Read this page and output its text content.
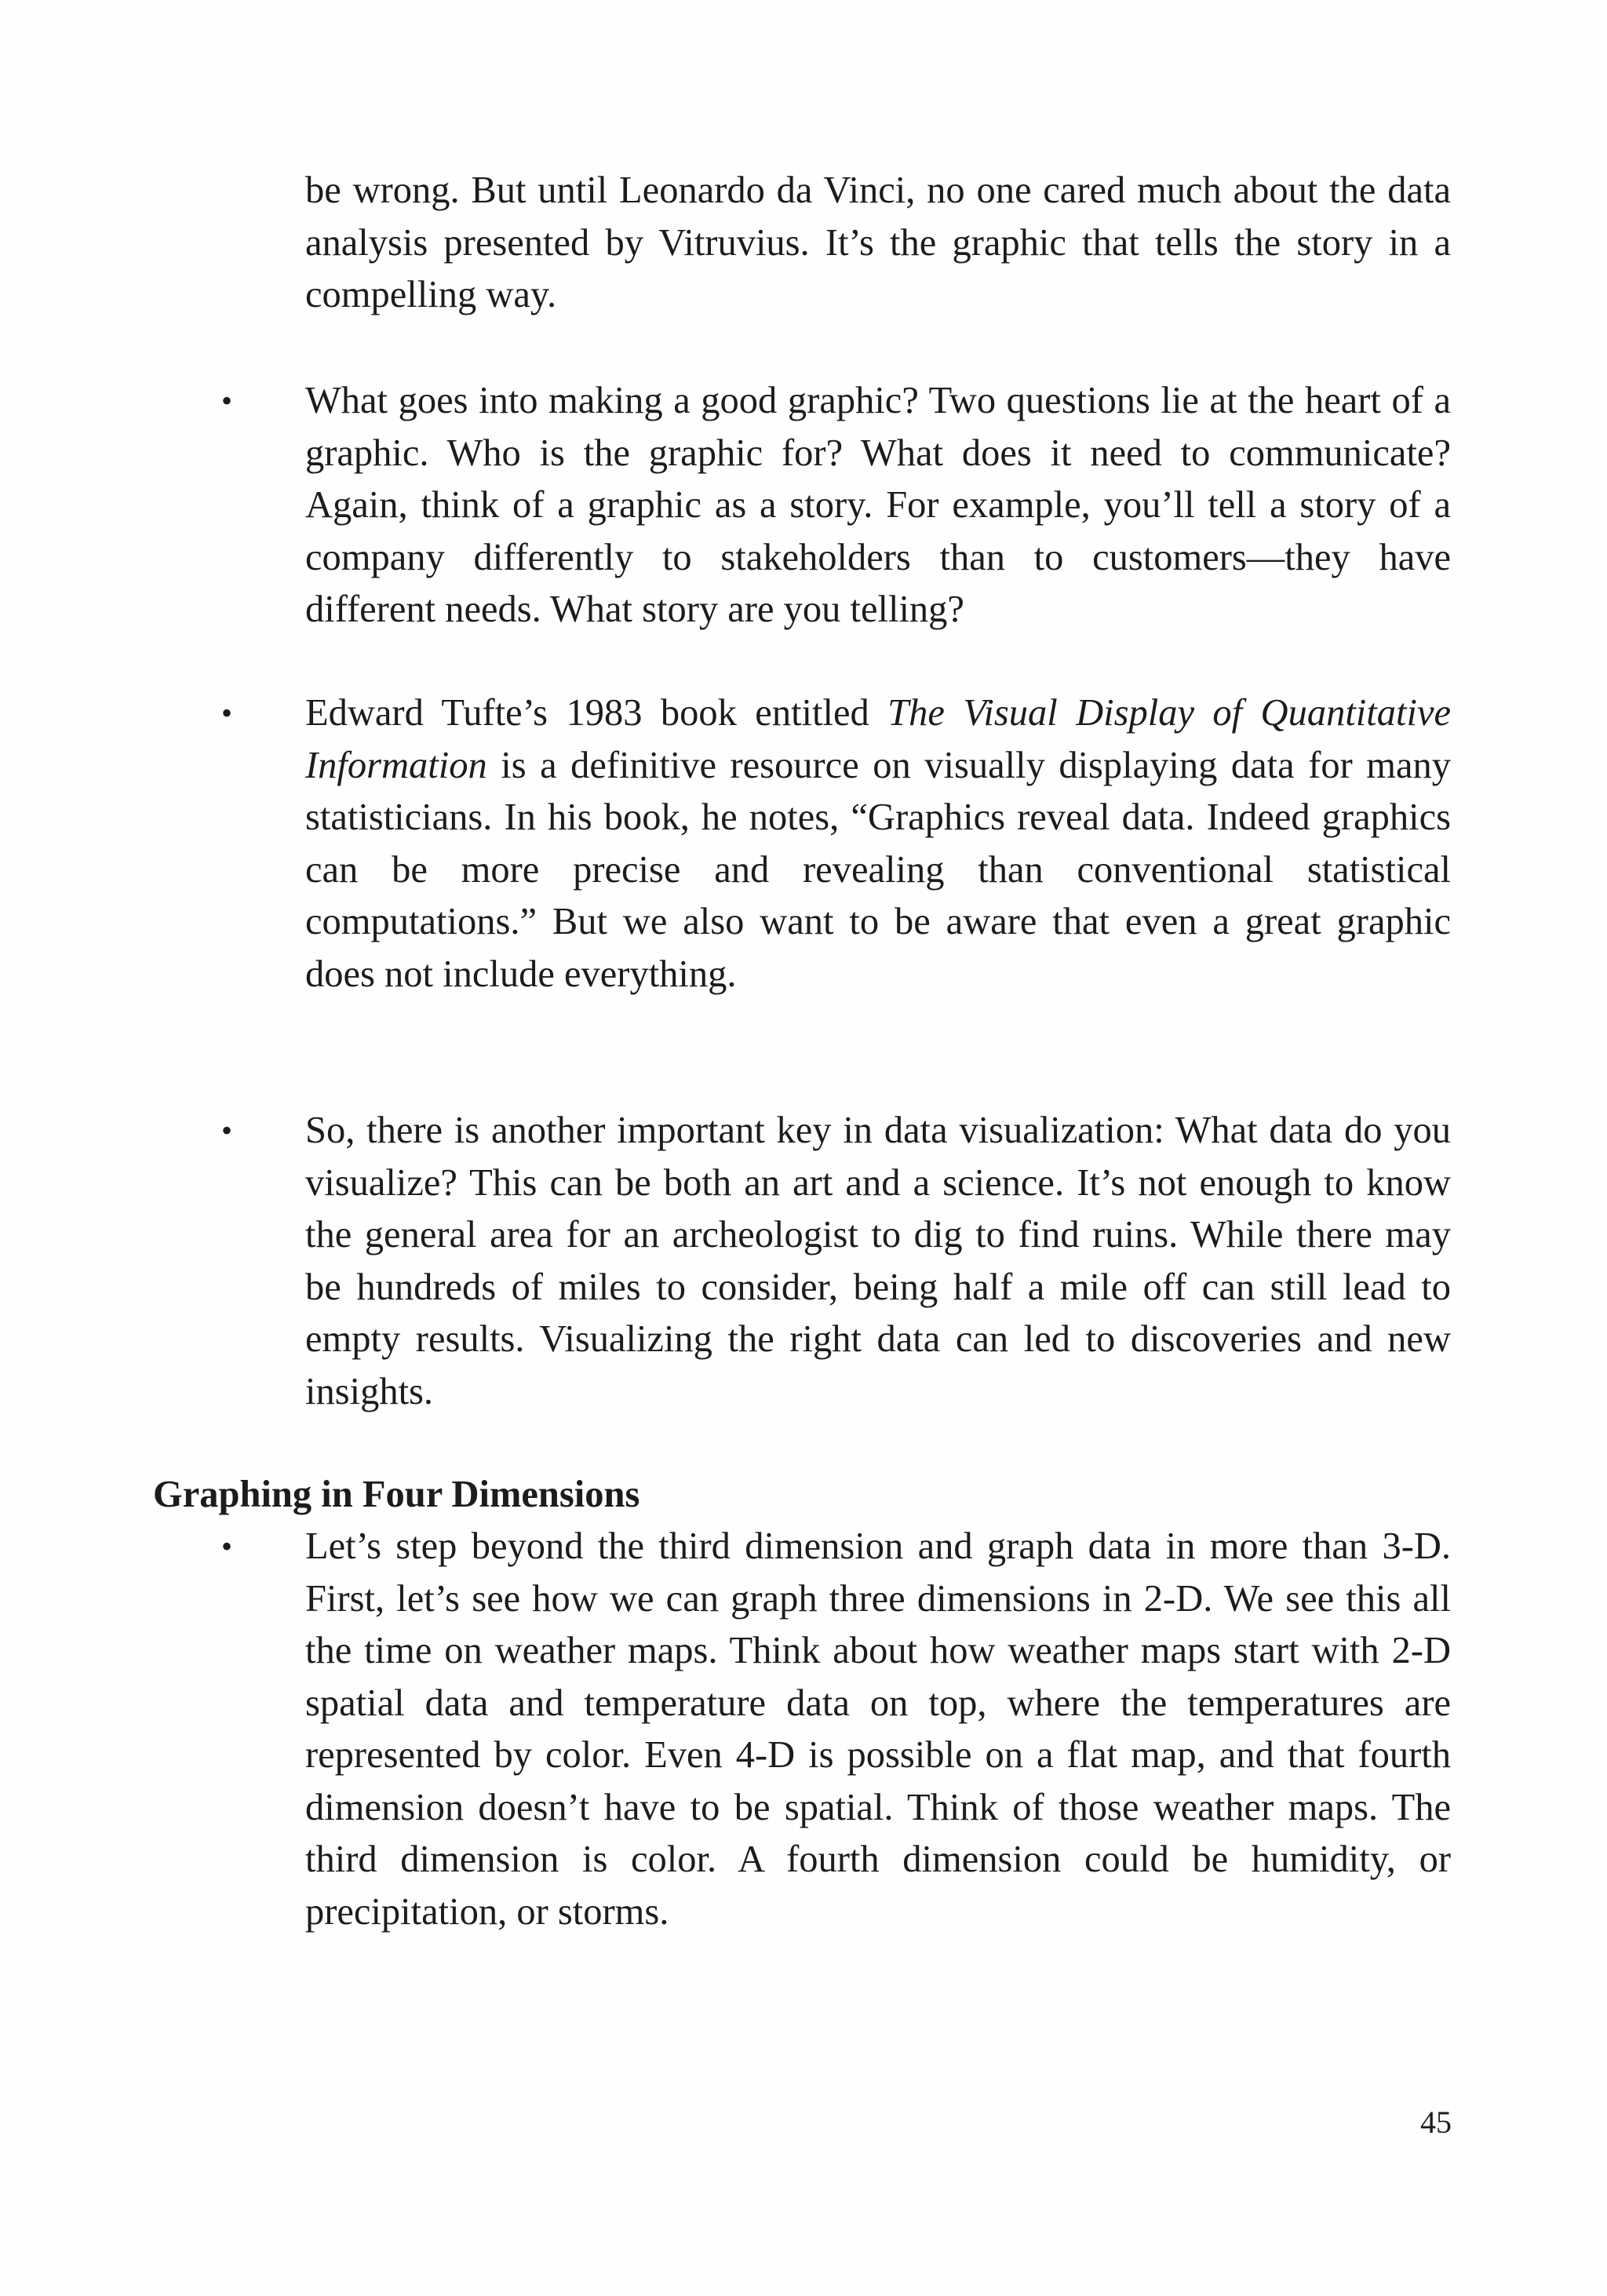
be wrong. But until Leonardo da Vinci, no one cared much about the data analysis presented by Vitruvius. It’s the graphic that tells the story in a compelling way.

•	What goes into making a good graphic? Two questions lie at the heart of a graphic. Who is the graphic for? What does it need to communicate? Again, think of a graphic as a story. For example, you’ll tell a story of a company differently to stakeholders than to customers—they have different needs. What story are you telling?

•	Edward Tufte’s 1983 book entitled The Visual Display of Quantitative Information is a definitive resource on visually displaying data for many statisticians. In his book, he notes, “Graphics reveal data. Indeed graphics can be more precise and revealing than conventional statistical computations.” But we also want to be aware that even a great graphic does not include everything.

•	So, there is another important key in data visualization: What data do you visualize? This can be both an art and a science. It’s not enough to know the general area for an archeologist to dig to find ruins. While there may be hundreds of miles to consider, being half a mile off can still lead to empty results. Visualizing the right data can led to discoveries and new insights.

Graphing in Four Dimensions
•	Let’s step beyond the third dimension and graph data in more than 3-D. First, let’s see how we can graph three dimensions in 2-D. We see this all the time on weather maps. Think about how weather maps start with 2-D spatial data and temperature data on top, where the temperatures are represented by color. Even 4-D is possible on a flat map, and that fourth dimension doesn’t have to be spatial. Think of those weather maps. The third dimension is color. A fourth dimension could be humidity, or precipitation, or storms.

45
